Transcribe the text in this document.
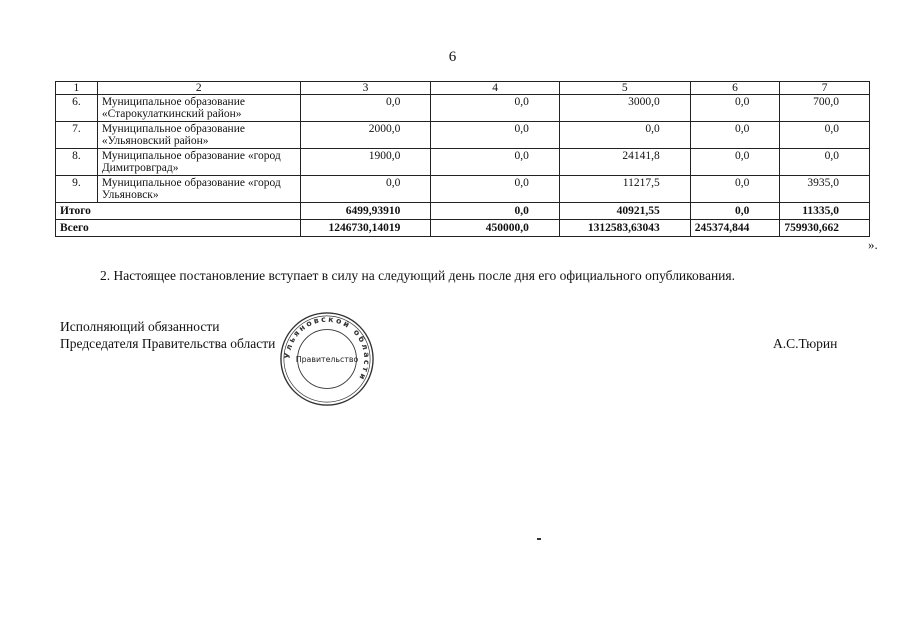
6
1	2	3	4	5	6	7
6.	Муниципальное образование «Старокулаткинский район»	0,0	0,0	3000,0	0,0	700,0
7.	Муниципальное образование «Ульяновский район»	2000,0	0,0	0,0	0,0	0,0
8.	Муниципальное образование «город Димитровград»	1900,0	0,0	24141,8	0,0	0,0
9.	Муниципальное образование «город Ульяновск»	0,0	0,0	11217,5	0,0	3935,0
Итого		6499,93910	0,0	40921,55	0,0	11335,0
Всего		1246730,14019	450000,0	1312583,63043	245374,844	759930,662
».
2. Настоящее постановление вступает в силу на следующий день после дня его официального опубликования.
Исполняющий обязанности
Председателя Правительства области
Ульяновской области
Правительство
А.С.Тюрин
